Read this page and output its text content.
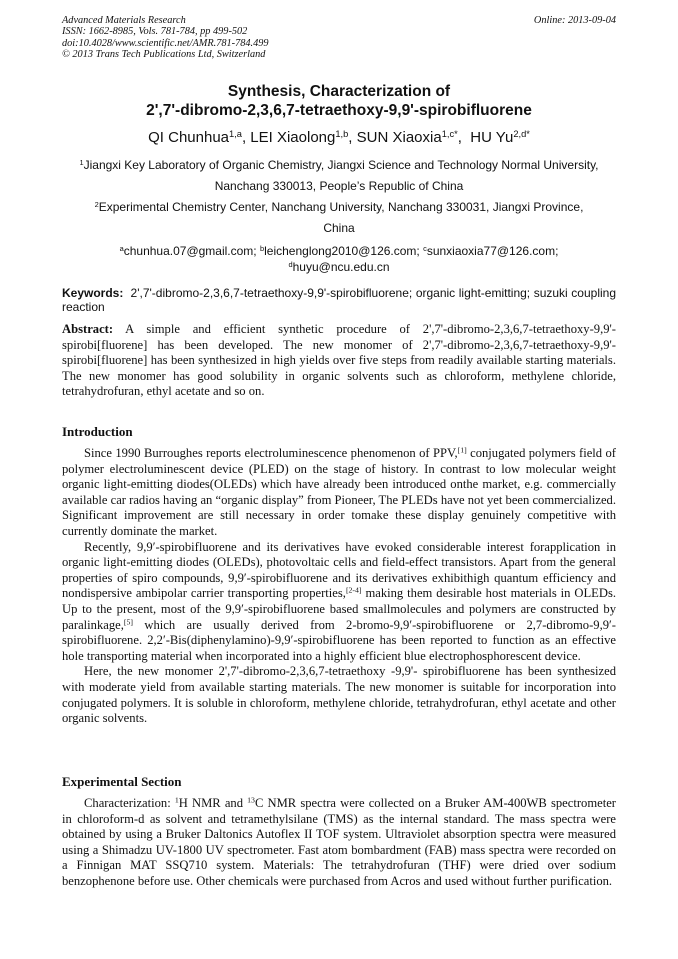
Advanced Materials Research
ISSN: 1662-8985, Vols. 781-784, pp 499-502
doi:10.4028/www.scientific.net/AMR.781-784.499
© 2013 Trans Tech Publications Ltd, Switzerland
Online: 2013-09-04
Synthesis, Characterization of
2',7'-dibromo-2,3,6,7-tetraethoxy-9,9'-spirobifluorene
QI Chunhua$^{1,a}$, LEI Xiaolong$^{1,b}$, SUN Xiaoxia$^{1,c*}$,  HU $Yu^{2,d*}$
$^1$Jiangxi Key Laboratory of Organic Chemistry, Jiangxi Science and Technology Normal University,
Nanchang 330013, People’s Republic of China
$^2$Experimental Chemistry Center, Nanchang University, Nanchang 330031, Jiangxi Province,
China
$^a$chunhua.07@gmail.com; $^b$leichenglong2010@126.com; $^c$sunxiaoxia77@126.com;
$^d$huyu@ncu.edu.cn
Keywords: 2',7'-dibromo-2,3,6,7-tetraethoxy-9,9'-spirobifluorene; organic light-emitting; suzuki coupling reaction

Abstract: A simple and efficient synthetic procedure of 2',7'-dibromo-2,3,6,7-tetraethoxy-9,9'-spirobi[fluorene] has been developed. The new monomer of 2',7'-dibromo-2,3,6,7-tetraethoxy-9,9'-spirobi[fluorene] has been synthesized in high yields over five steps from readily available starting materials. The new monomer has good solubility in organic solvents such as chloroform, methylene chloride, tetrahydrofuran, ethyl acetate and so on.

Introduction

Since 1990 Burroughes reports electroluminescence phenomenon of PPV,[1] conjugated polymers field of polymer electroluminescent device (PLED) on the stage of history. In contrast to low molecular weight organic light-emitting diodes(OLEDs) which have already been introduced onthe market, e.g. commercially available car radios having an “organic display” from Pioneer, The PLEDs have not yet been commercialized. Significant improvement are still necessary in order tomake these display genuinely competitive with currently dominate the market.

Recently, 9,9′-spirobifluorene and its derivatives have evoked considerable interest forapplication in organic light-emitting diodes (OLEDs), photovoltaic cells and field-effect transistors. Apart from the general properties of spiro compounds, 9,9′-spirobifluorene and its derivatives exhibithigh quantum efficiency and nondispersive ambipolar carrier transporting properties,[2-4] making them desirable host materials in OLEDs. Up to the present, most of the 9,9′-spirobifluorene based smallmolecules and polymers are constructed by paralinkage,[5] which are usually derived from 2-bromo-9,9′-spirobifluorene or 2,7-dibromo-9,9′-spirobifluorene. 2,2′-Bis(diphenylamino)-9,9′-spirobifluorene has been reported to function as an effective hole transporting material when incorporated into a highly efficient blue electrophosphorescent device.

Here, the new monomer 2',7'-dibromo-2,3,6,7-tetraethoxy -9,9'- spirobifluorene has been synthesized with moderate yield from available starting materials. The new monomer is suitable for incorporation into conjugated polymers. It is soluble in chloroform, methylene chloride, tetrahydrofuran, ethyl acetate and other organic solvents.

Experimental Section

Characterization: $^1$H NMR and $^{13}$C NMR spectra were collected on a Bruker AM-400WB spectrometer in chloroform-d as solvent and tetramethylsilane (TMS) as the internal standard. The mass spectra were obtained by using a Bruker Daltonics Autoflex II TOF system. Ultraviolet absorption spectra were measured using a Shimadzu UV-1800 UV spectrometer. Fast atom bombardment (FAB) mass spectra were recorded on a Finnigan MAT SSQ710 system. Materials: The tetrahydrofuran (THF) were dried over sodium benzophenone before use. Other chemicals were purchased from Acros and used without further purification.
